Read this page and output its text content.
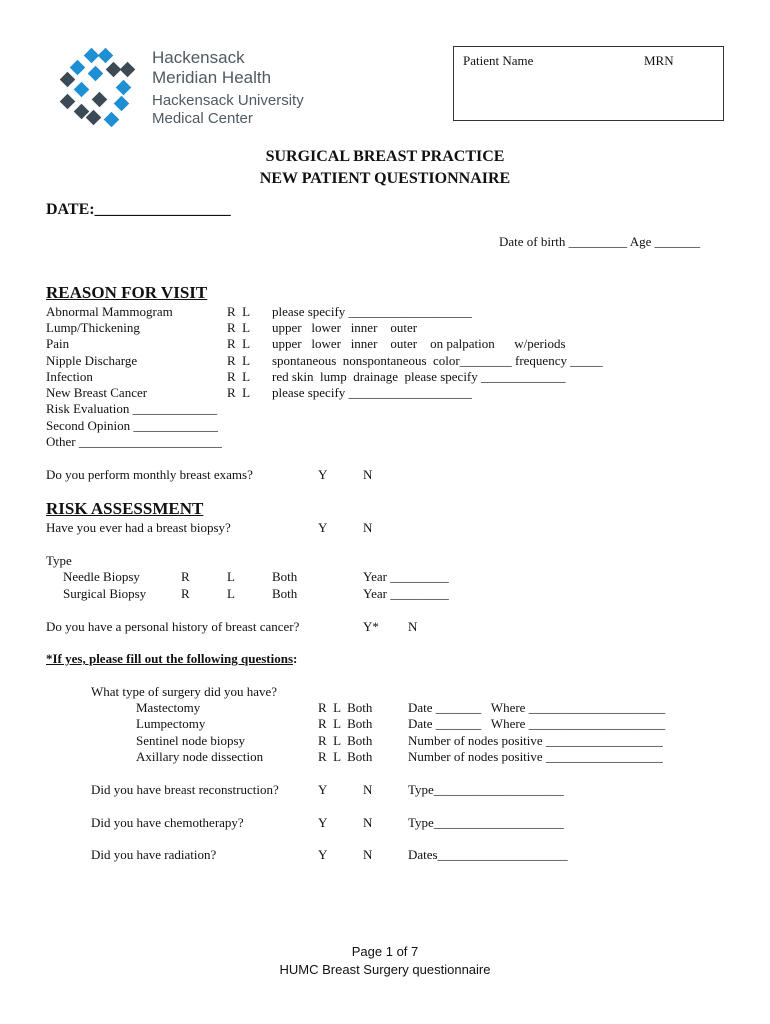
Hackensack
Meridian Health
Hackensack University
Medical Center
Patient Name	MRN
SURGICAL BREAST PRACTICE
NEW PATIENT QUESTIONNAIRE
DATE:_________________
Date of birth _________ Age _______
REASON FOR VISIT
Abnormal Mammogram	R  L please specify ___________________
Lump/Thickening	R  L upper   lower   inner    outer
Pain	R  L upper   lower   inner    outer    on palpation      w/periods
Nipple Discharge	R  L spontaneous  nonspontaneous  color________ frequency _____
Infection	R  L red skin  lump  drainage  please specify _____________
New Breast Cancer	R  L please specify ___________________
Risk Evaluation _____________
Second Opinion _____________
Other ______________________
Do you perform monthly breast exams?	Y	N
RISK ASSESSMENT
Have you ever had a breast biopsy?	Y	N
Type
Needle Biopsy	R	L	Both	Year _________
Surgical Biopsy	R	L	Both	Year _________
Do you have a personal history of breast cancer?	Y* N
*If yes, please fill out the following questions:
What type of surgery did you have?
Mastectomy	R  L  Both	Date _______   Where _____________________
Lumpectomy	R  L  Both	Date _______   Where _____________________
Sentinel node biopsy	R  L  Both	Number of nodes positive __________________
Axillary node dissection	R  L  Both	Number of nodes positive __________________
Did you have breast reconstruction?	Y	N	Type____________________
Did you have chemotherapy?	Y	N	Type____________________
Did you have radiation?	Y	N	Dates____________________
Page 1 of 7
HUMC Breast Surgery questionnaire
